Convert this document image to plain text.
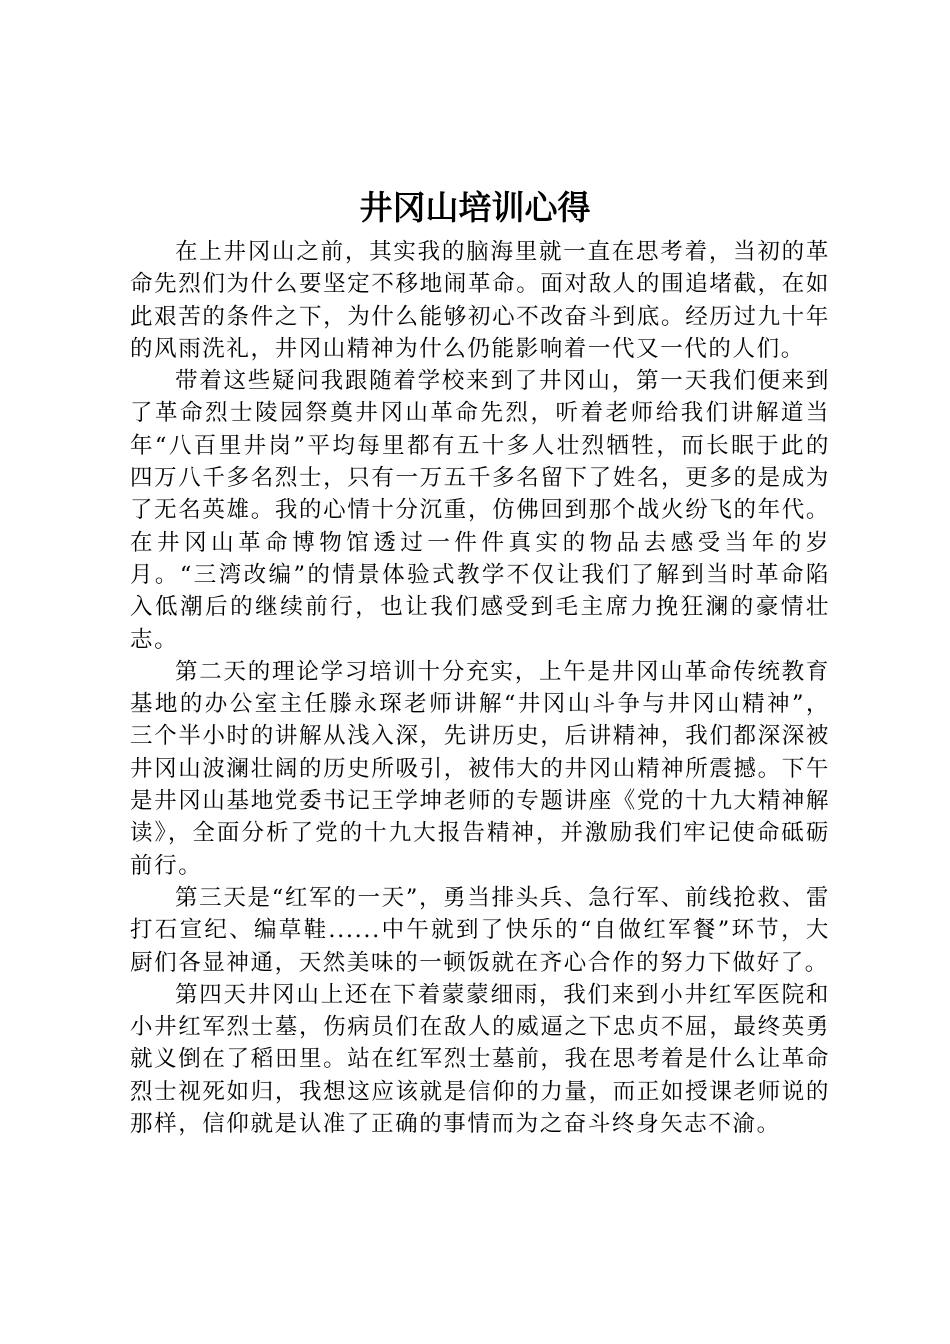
井冈山培训心得

在上井冈山之前，其实我的脑海里就一直在思考着，当初的革命先烈们为什么要坚定不移地闹革命。面对敌人的围追堵截，在如此艰苦的条件之下，为什么能够初心不改奋斗到底。经历过九十年的风雨洗礼，井冈山精神为什么仍能影响着一代又一代的人们。

带着这些疑问我跟随着学校来到了井冈山，第一天我们便来到了革命烈士陵园祭奠井冈山革命先烈，听着老师给我们讲解道当年“八百里井岗”平均每里都有五十多人壮烈牺牲，而长眠于此的四万八千多名烈士，只有一万五千多名留下了姓名，更多的是成为了无名英雄。我的心情十分沉重，仿佛回到那个战火纷飞的年代。在井冈山革命博物馆透过一件件真实的物品去感受当年的岁月。“三湾改编”的情景体验式教学不仅让我们了解到当时革命陷入低潮后的继续前行，也让我们感受到毛主席力挽狂澜的豪情壮志。

第二天的理论学习培训十分充实，上午是井冈山革命传统教育基地的办公室主任滕永琛老师讲解“井冈山斗争与井冈山精神”，三个半小时的讲解从浅入深，先讲历史，后讲精神，我们都深深被井冈山波澜壮阔的历史所吸引，被伟大的井冈山精神所震撼。下午是井冈山基地党委书记王学坤老师的专题讲座《党的十九大精神解读》，全面分析了党的十九大报告精神，并激励我们牢记使命砥砺前行。

第三天是“红军的一天”，勇当排头兵、急行军、前线抢救、雷打石宣纪、编草鞋......中午就到了快乐的“自做红军餐”环节，大厨们各显神通，天然美味的一顿饭就在齐心合作的努力下做好了。

第四天井冈山上还在下着蒙蒙细雨，我们来到小井红军医院和小井红军烈士墓，伤病员们在敌人的威逼之下忠贞不屈，最终英勇就义倒在了稻田里。站在红军烈士墓前，我在思考着是什么让革命烈士视死如归，我想这应该就是信仰的力量，而正如授课老师说的那样，信仰就是认准了正确的事情而为之奋斗终身矢志不渝。
